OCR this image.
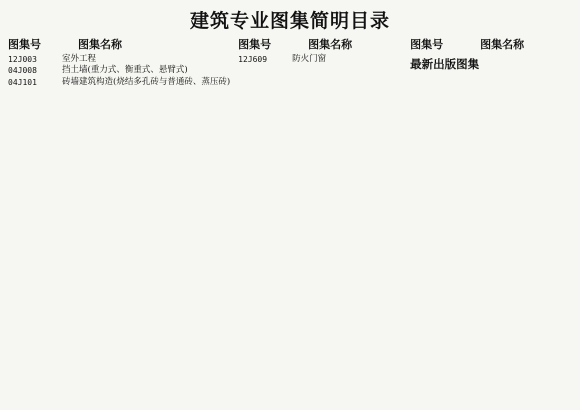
建筑专业图集简明目录
图集号	图集名称
12J003	室外工程
04J008	挡土墙(重力式、衡重式、悬臂式)
04J101	砖墙建筑构造(烧结多孔砖与普通砖、蒸压砖)
图集号	图集名称
12J609	防火门窗
图集号	图集名称
最新出版图集
